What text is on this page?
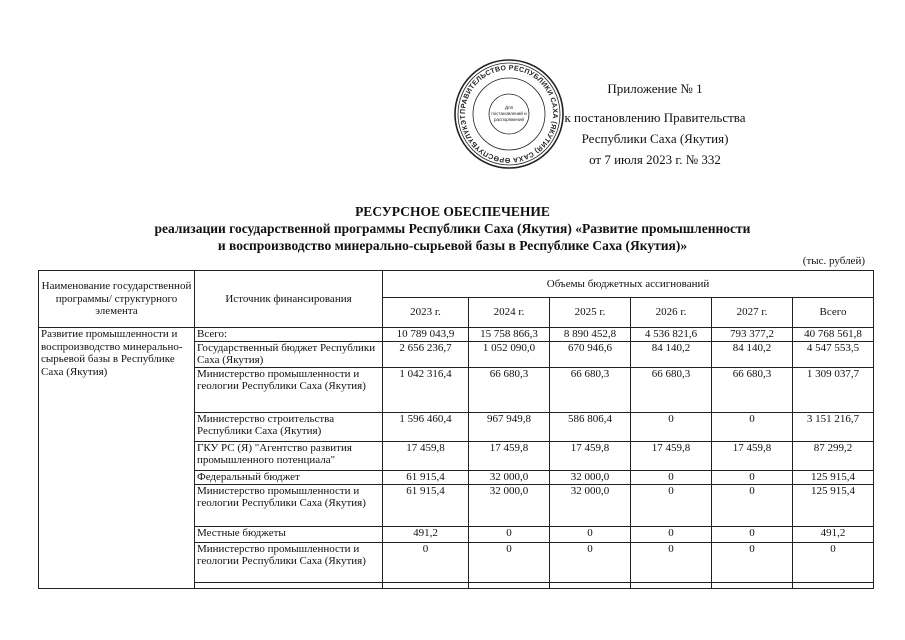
ПРАВИТЕЛЬСТВО РЕСПУБЛИКИ САХА (ЯКУТИЯ) САХА ӨРӨСПУҮБҮЛҮКЭТ
Для
постановлений и
распоряжений
Приложение № 1
к постановлению Правительства
Республики Саха (Якутия)
от 7 июля 2023 г. № 332
РЕСУРСНОЕ ОБЕСПЕЧЕНИЕ
реализации государственной программы Республики Саха (Якутия) «Развитие промышленности
и воспроизводство минерально-сырьевой базы в Республике Саха (Якутия)»
(тыс. рублей)
Наименование государственной программы/ структурного элемента	Источник финансирования	Объемы бюджетных ассигнований					
		2023 г.	2024 г.	2025 г.	2026 г.	2027 г.	Всего
Развитие промышленности и воспроизводство минерально-сырьевой базы в Республике Саха (Якутия)	Всего:	10 789 043,9	15 758 866,3	8 890 452,8	4 536 821,6	793 377,2	40 768 561,8
	Государственный бюджет Республики Саха (Якутия)	2 656 236,7	1 052 090,0	670 946,6	84 140,2	84 140,2	4 547 553,5
	Министерство промышленности и геологии Республики Саха (Якутия)	1 042 316,4	66 680,3	66 680,3	66 680,3	66 680,3	1 309 037,7
	Министерство строительства Республики Саха (Якутия)	1 596 460,4	967 949,8	586 806,4	0	0	3 151 216,7
	ГКУ РС (Я) "Агентство развития промышленного потенциала"	17 459,8	17 459,8	17 459,8	17 459,8	17 459,8	87 299,2
	Федеральный бюджет	61 915,4	32 000,0	32 000,0	0	0	125 915,4
	Министерство промышленности и геологии Республики Саха (Якутия)	61 915,4	32 000,0	32 000,0	0	0	125 915,4
	Местные бюджеты	491,2	0	0	0	0	491,2
	Министерство промышленности и геологии Республики Саха (Якутия)	0	0	0	0	0	0
